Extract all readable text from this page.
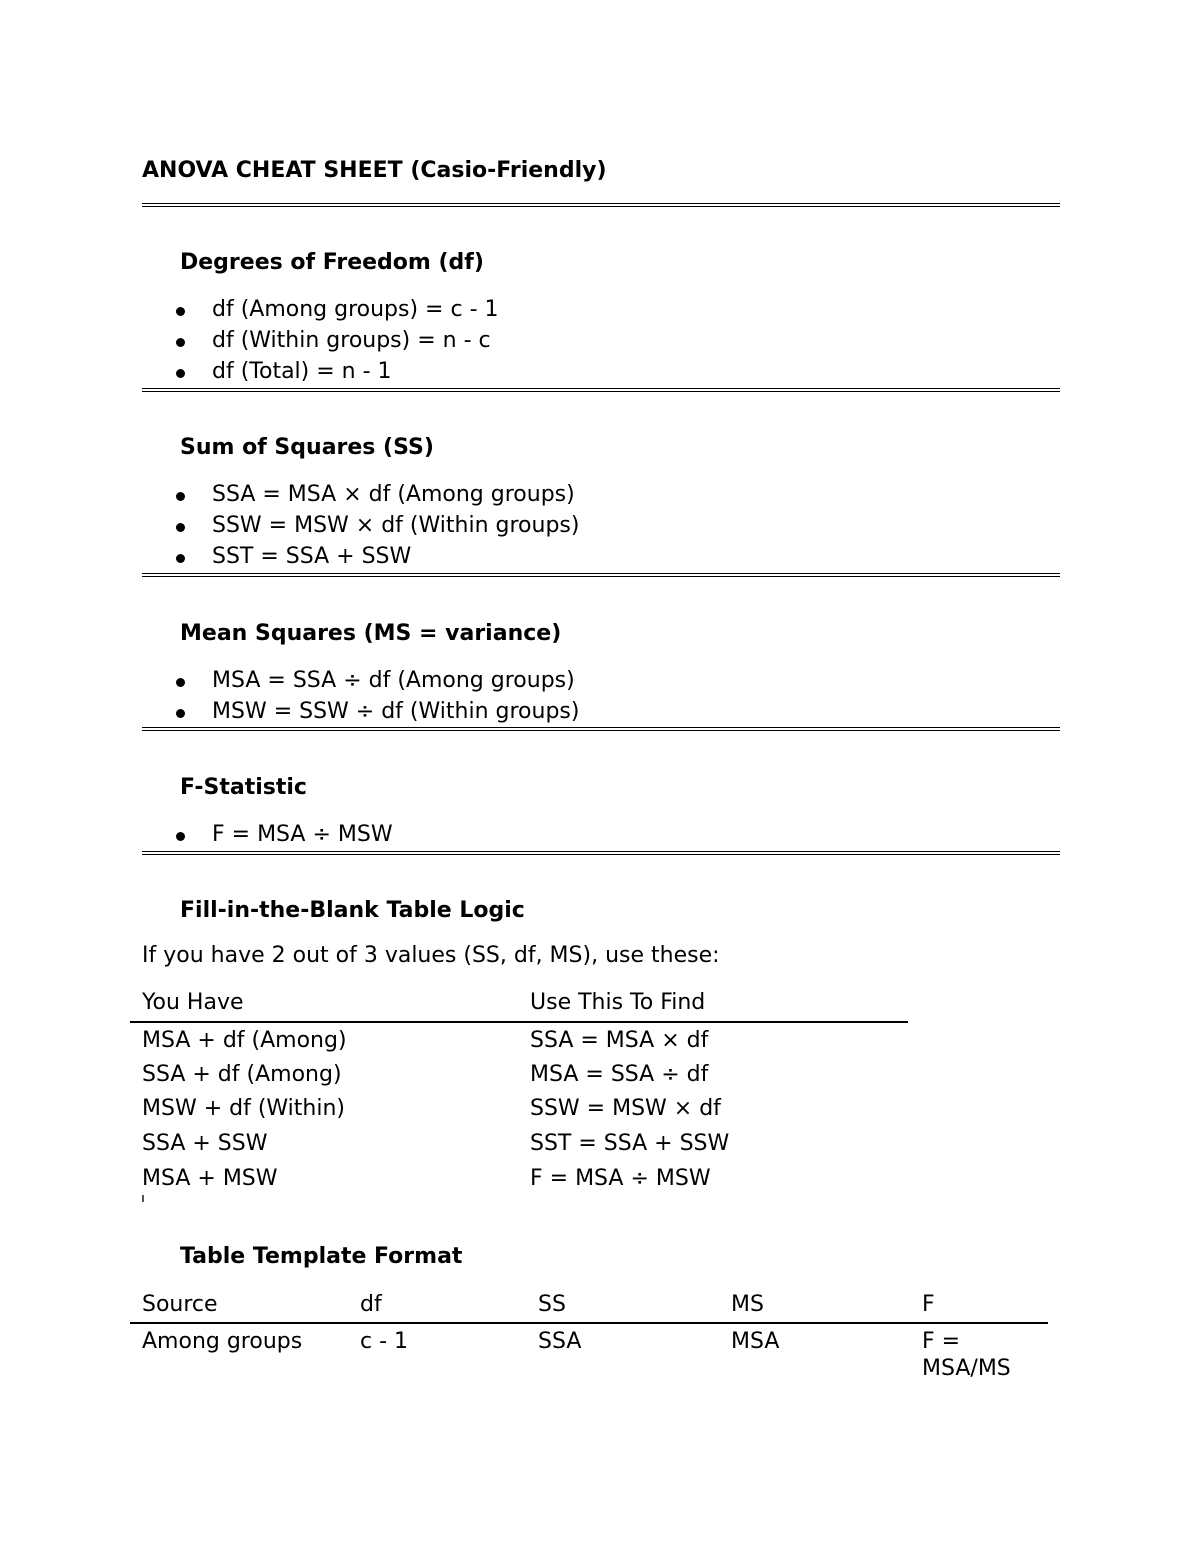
ANOVA CHEAT SHEET (Casio-Friendly)
Degrees of Freedom (df)
df (Among groups) = c - 1
df (Within groups) = n - c
df (Total) = n - 1
Sum of Squares (SS)
SSA = MSA × df (Among groups)
SSW = MSW × df (Within groups)
SST = SSA + SSW
Mean Squares (MS = variance)
MSA = SSA ÷ df (Among groups)
MSW = SSW ÷ df (Within groups)
F-Statistic
F = MSA ÷ MSW
Fill-in-the-Blank Table Logic
If you have 2 out of 3 values (SS, df, MS), use these:
You Have	Use This To Find
MSA + df (Among)	SSA = MSA × df
SSA + df (Among)	MSA = SSA ÷ df
MSW + df (Within)	SSW = MSW × df
SSA + SSW	SST = SSA + SSW
MSA + MSW	F = MSA ÷ MSW
Table Template Format
Source	df	SS	MS	F
Among groups	c - 1	SSA	MSA	F =
MSA/MS
